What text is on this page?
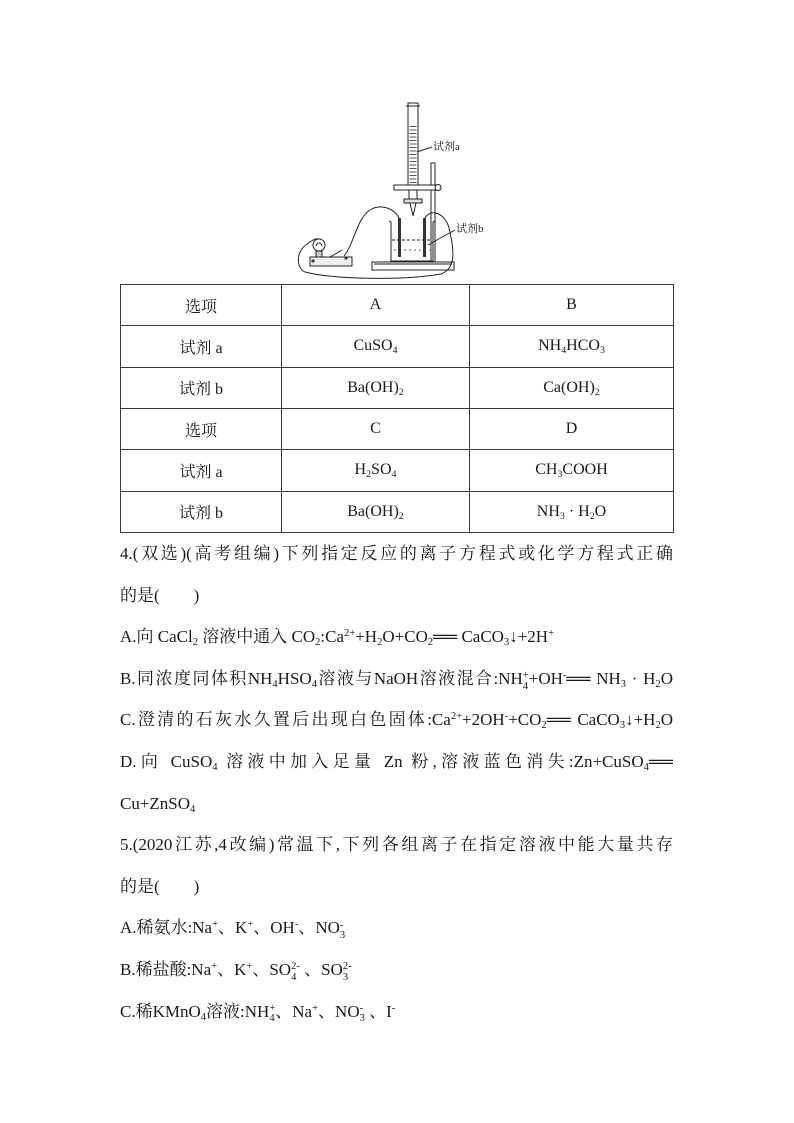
试剂a
试剂b
选项	A	B
试剂 a	CuSO$_4$	$NH_4HCO_3$
试剂 b	$Ba(OH)_2$	$Ca(OH)_2$
选项	C	D
试剂 a	$H_2SO_4$	$CH_3COOH$
试剂 b	$Ba(OH)_2$	$NH_3 \cdot H_2O$
4.(双选)(高考组编)下列指定反应的离子方程式或化学方程式正确
的是(　　)
A.向 CaCl$_2$ 溶液中通入 $CO_2:Ca^{2+}+H_2O+CO_2══$ CaCO$_3$↓+2H+
B.同浓度同体积$NH_4HSO_4$溶液与NaOH溶液混合:NH +
4 +OH-══ $NH_3 \cdot H_2O$
C.澄清的石灰水久置后出现白色固体$:Ca^{2+}+2OH^-+CO_2══$ $CaCO_3↓+H_2O$
D.向 CuSO$_4$ 溶液中加入足量 Zn 粉,溶液蓝色消失:Zn+CuSO$_4$══
Cu+ZnSO$_4$
5.(2020江苏,4改编)常温下,下列各组离子在指定溶液中能大量共存
的是(　　)
A.稀氨水:Na+、K+、OH-、NO -
3
B.稀盐酸:Na+、K+、SO 2-
4 、SO 2-
3
C.稀KMnO$_4$溶液:NH +
4 、Na+、NO -
3 、I-
